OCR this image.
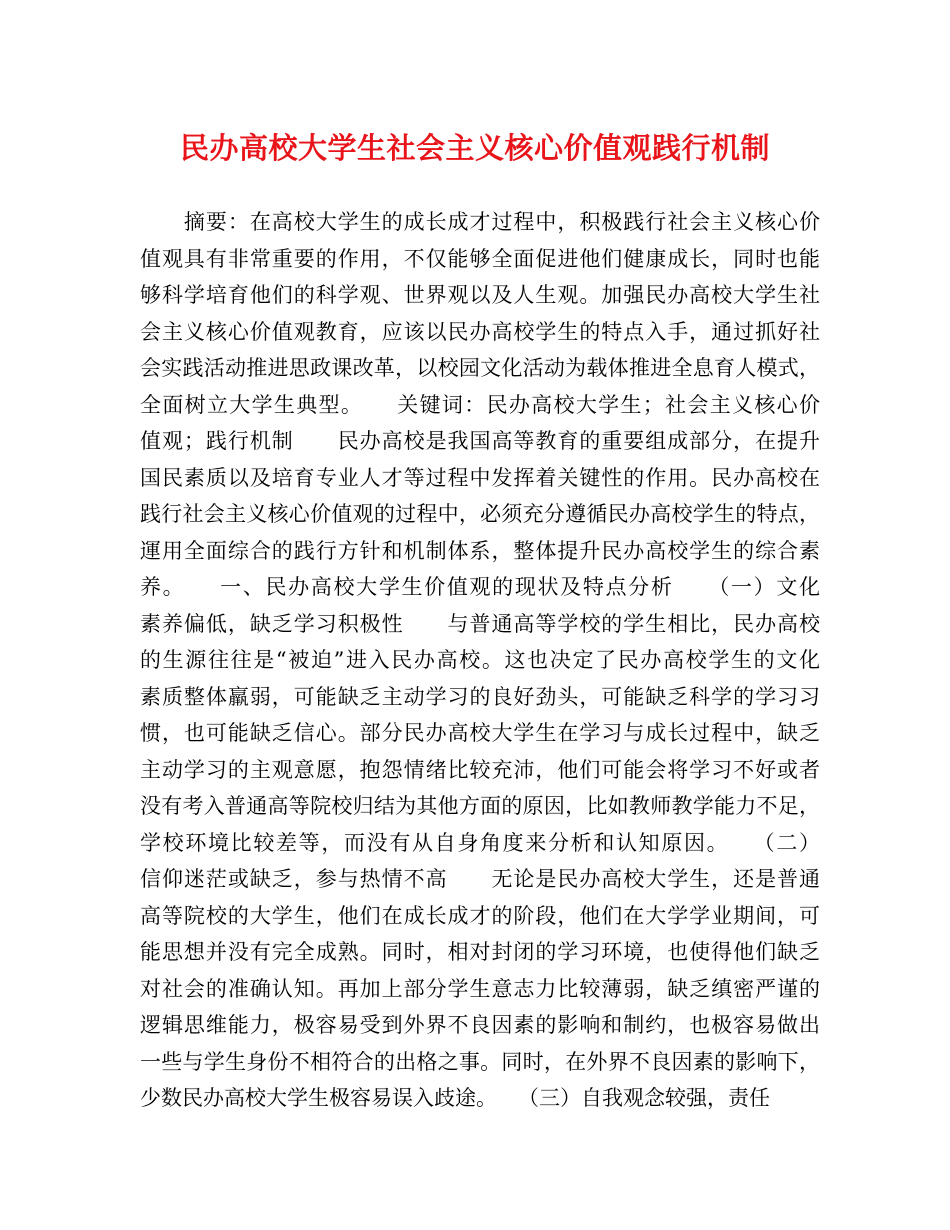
民办高校大学生社会主义核心价值观践行机制
　　摘要：在高校大学生的成长成才过程中，积极践行社会主义核心价
值观具有非常重要的作用，不仅能够全面促进他们健康成长，同时也能
够科学培育他们的科学观、世界观以及人生观。加强民办高校大学生社
会主义核心价值观教育，应该以民办高校学生的特点入手，通过抓好社
会实践活动推进思政课改革，以校园文化活动为载体推进全息育人模式，
全面树立大学生典型。　　关键词：民办高校大学生；社会主义核心价
值观；践行机制　　民办高校是我国高等教育的重要组成部分，在提升
国民素质以及培育专业人才等过程中发挥着关键性的作用。民办高校在
践行社会主义核心价值观的过程中，必须充分遵循民办高校学生的特点，
運用全面综合的践行方针和机制体系，整体提升民办高校学生的综合素
养。　　一、民办高校大学生价值观的现状及特点分析　　（一）文化
素养偏低，缺乏学习积极性　　与普通高等学校的学生相比，民办高校
的生源往往是“被迫”进入民办高校。这也决定了民办高校学生的文化
素质整体羸弱，可能缺乏主动学习的良好劲头，可能缺乏科学的学习习
惯，也可能缺乏信心。部分民办高校大学生在学习与成长过程中，缺乏
主动学习的主观意愿，抱怨情绪比较充沛，他们可能会将学习不好或者
没有考入普通高等院校归结为其他方面的原因，比如教师教学能力不足，
学校环境比较差等，而没有从自身角度来分析和认知原因。　　（二）
信仰迷茫或缺乏，参与热情不高　　无论是民办高校大学生，还是普通
高等院校的大学生，他们在成长成才的阶段，他们在大学学业期间，可
能思想并没有完全成熟。同时，相对封闭的学习环境，也使得他们缺乏
对社会的准确认知。再加上部分学生意志力比较薄弱，缺乏缜密严谨的
逻辑思维能力，极容易受到外界不良因素的影响和制约，也极容易做出
一些与学生身份不相符合的出格之事。同时，在外界不良因素的影响下，
少数民办高校大学生极容易误入歧途。　　（三）自我观念较强，责任
